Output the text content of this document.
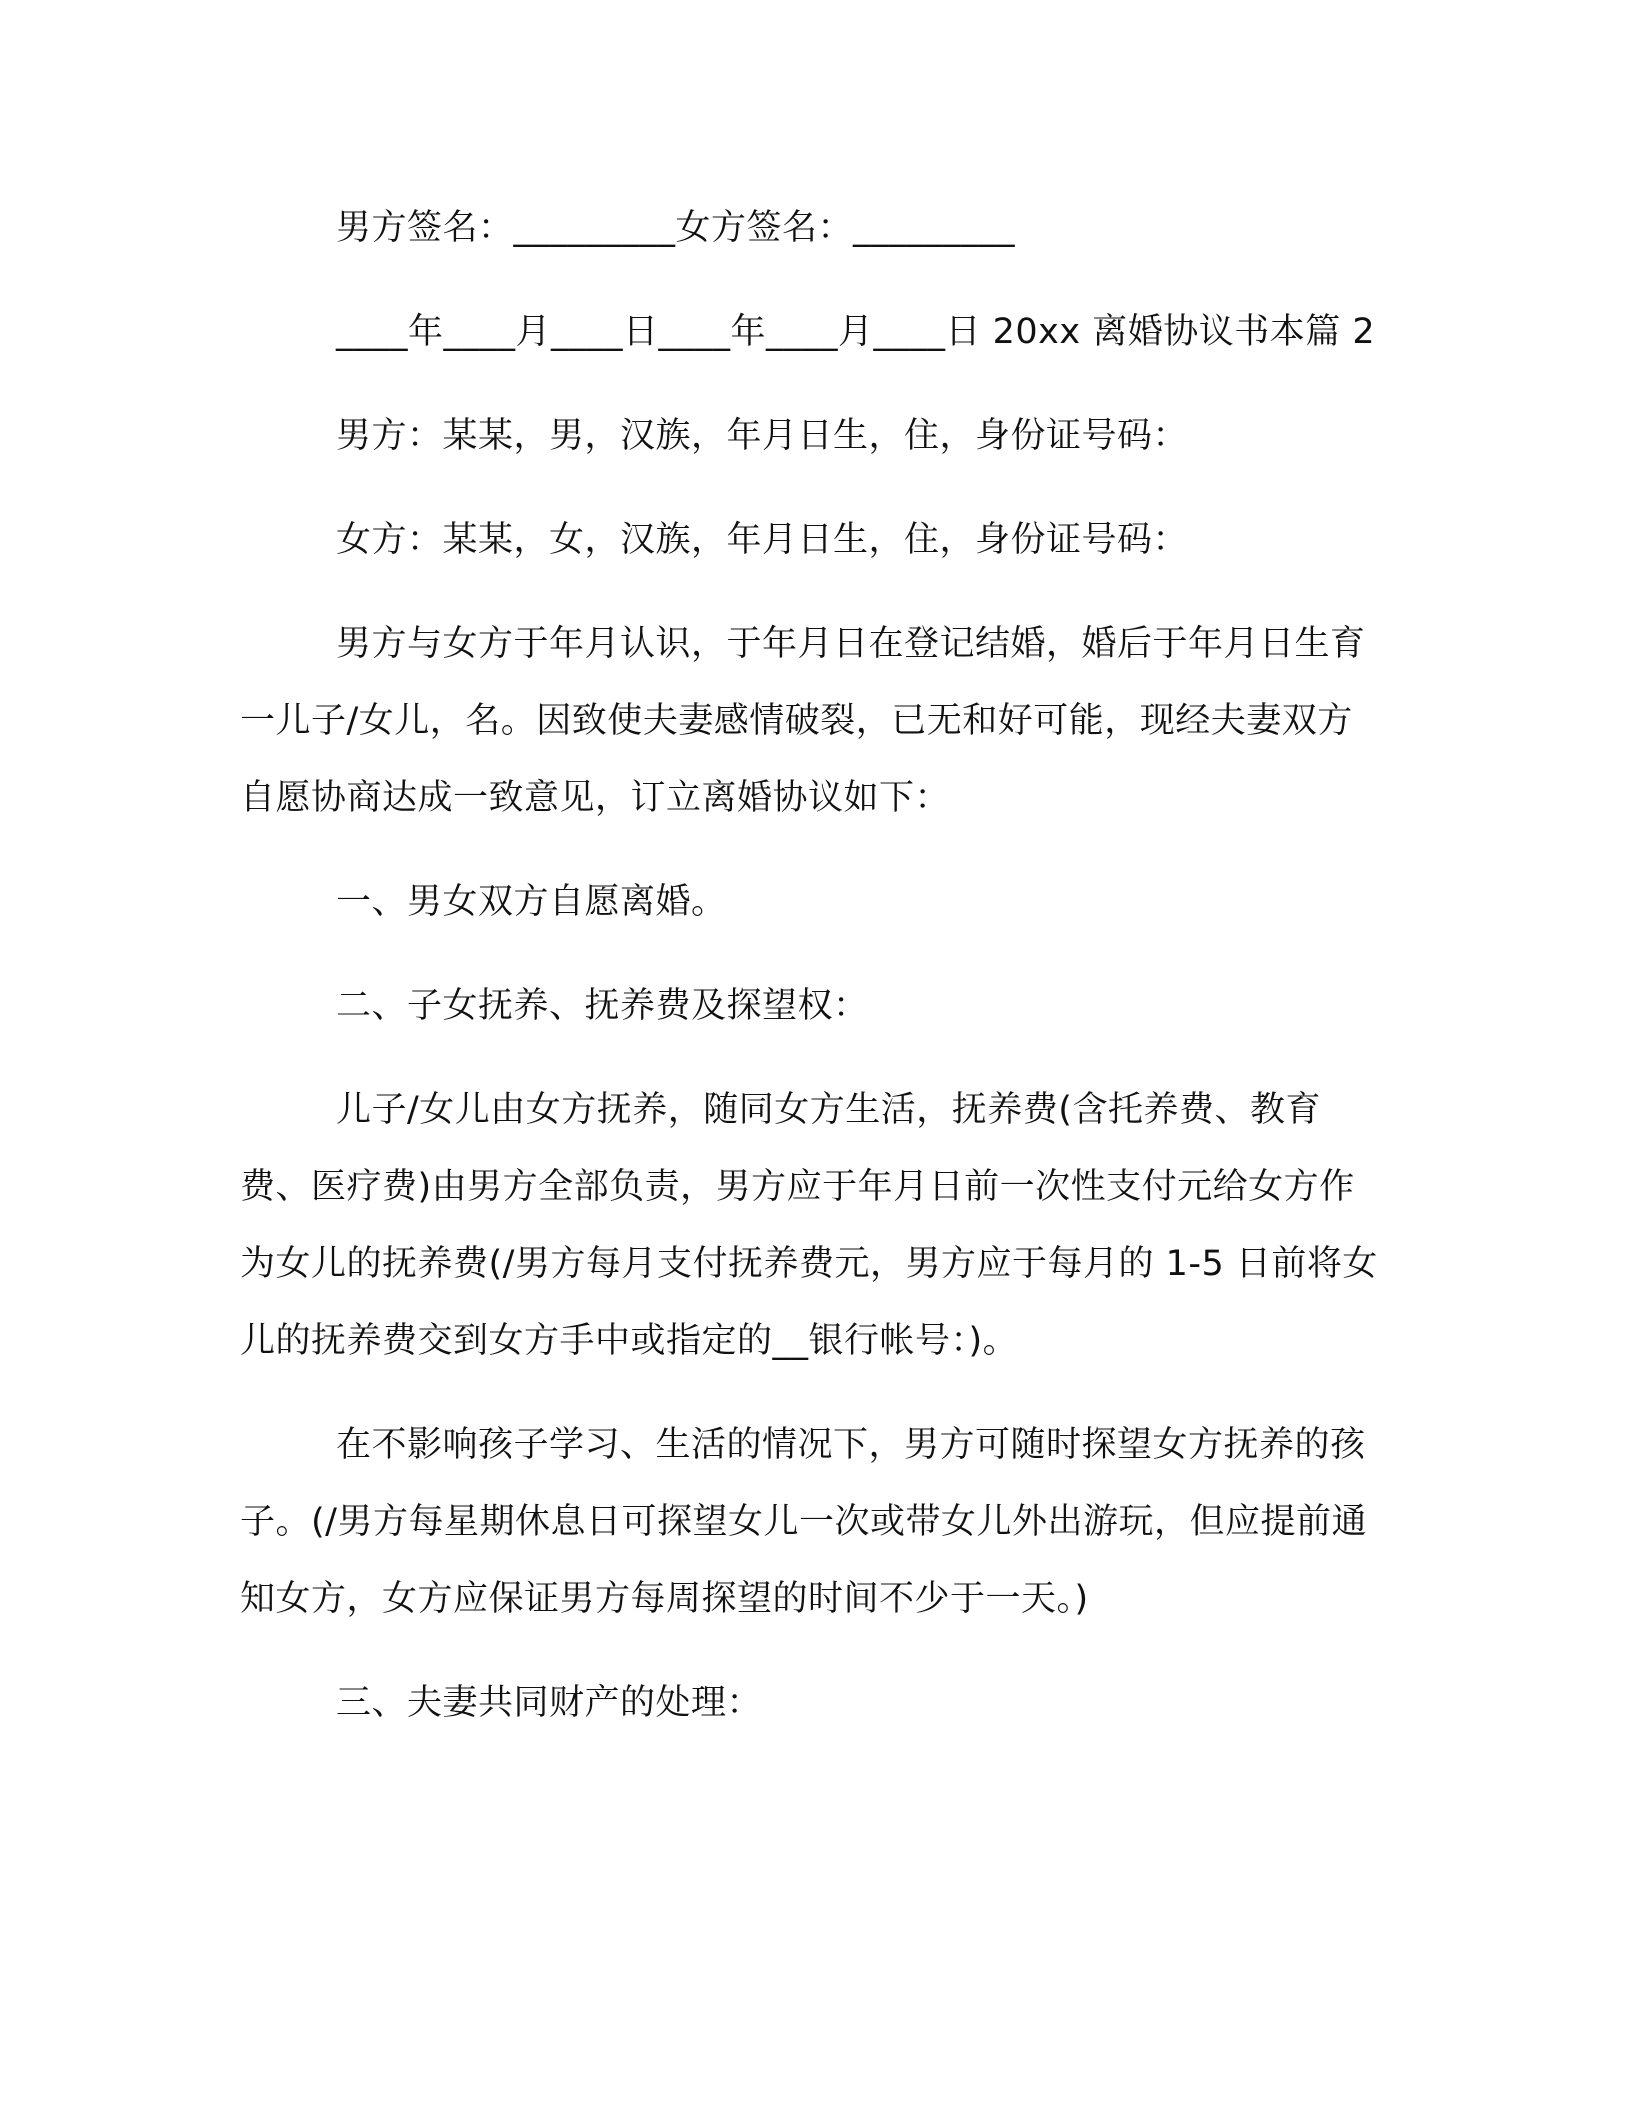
男方签名：_________女方签名：_________

____年____月____日____年____月____日 20xx 离婚协议书本篇 2

男方：某某，男，汉族，年月日生，住，身份证号码：

女方：某某，女，汉族，年月日生，住，身份证号码：

男方与女方于年月认识，于年月日在登记结婚，婚后于年月日生育一儿子/女儿，名。因致使夫妻感情破裂，已无和好可能，现经夫妻双方自愿协商达成一致意见，订立离婚协议如下：

一、男女双方自愿离婚。

二、子女抚养、抚养费及探望权：

儿子/女儿由女方抚养，随同女方生活，抚养费(含托养费、教育费、医疗费)由男方全部负责，男方应于年月日前一次性支付元给女方作为女儿的抚养费(/男方每月支付抚养费元，男方应于每月的 1-5 日前将女儿的抚养费交到女方手中或指定的__银行帐号：)。

在不影响孩子学习、生活的情况下，男方可随时探望女方抚养的孩子。(/男方每星期休息日可探望女儿一次或带女儿外出游玩，但应提前通知女方，女方应保证男方每周探望的时间不少于一天。)

三、夫妻共同财产的处理：
